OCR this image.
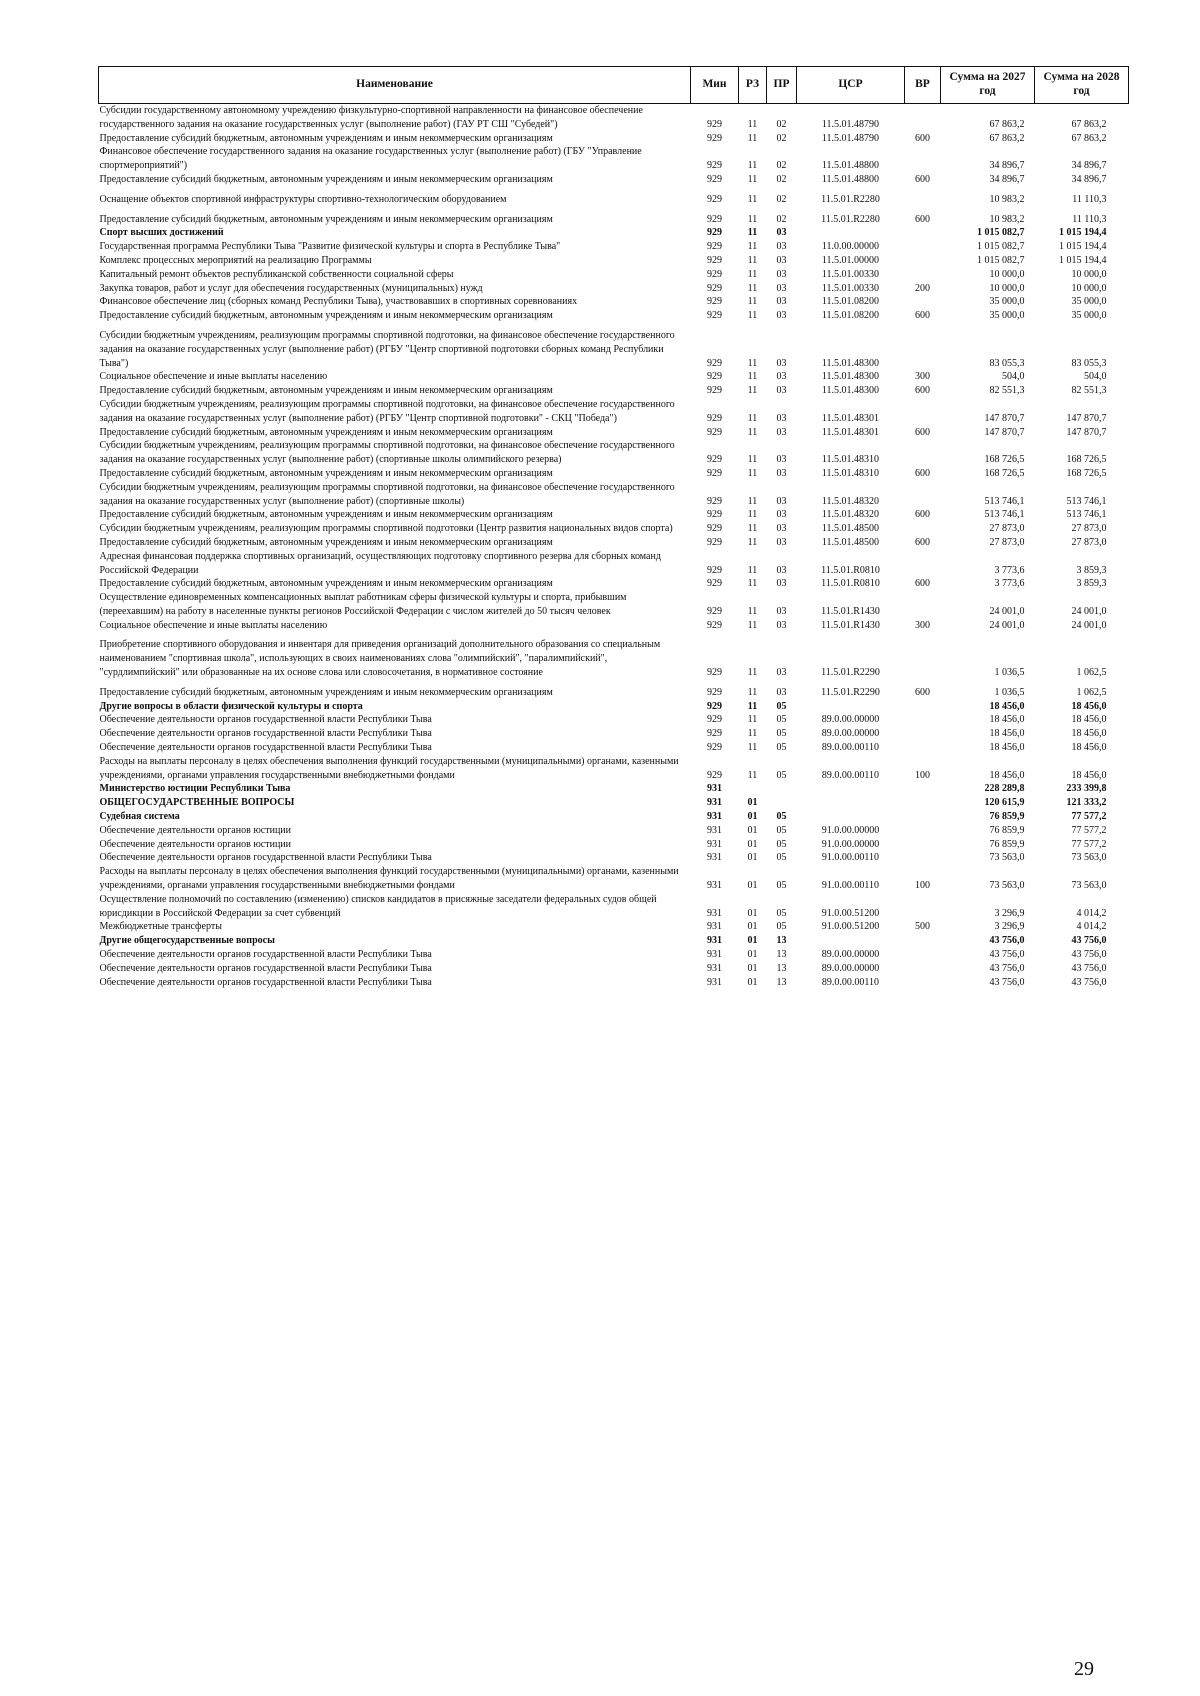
Наименование	Мин	РЗ	ПР	ЦСР	ВР	Сумма на 2027 год	Сумма на 2028 год
Субсидии государственному автономному учреждению физкультурно-спортивной направленности на финансовое обеспечение государственного задания на оказание государственных услуг (выполнение работ) (ГАУ РТ СШ "Субедей")	929	11	02	11.5.01.48790		67 863,2	67 863,2
Предоставление субсидий бюджетным, автономным учреждениям и иным некоммерческим организациям	929	11	02	11.5.01.48790	600	67 863,2	67 863,2
Финансовое обеспечение государственного задания на оказание государственных услуг (выполнение работ) (ГБУ "Управление спортмероприятий")	929	11	02	11.5.01.48800		34 896,7	34 896,7
Предоставление субсидий бюджетным, автономным учреждениям и иным некоммерческим организациям	929	11	02	11.5.01.48800	600	34 896,7	34 896,7
Оснащение объектов спортивной инфраструктуры спортивно-технологическим оборудованием	929	11	02	11.5.01.R2280		10 983,2	11 110,3
Предоставление субсидий бюджетным, автономным учреждениям и иным некоммерческим организациям	929	11	02	11.5.01.R2280	600	10 983,2	11 110,3
Спорт высших достижений	929	11	03			1 015 082,7	1 015 194,4
Государственная программа Республики Тыва "Развитие физической культуры и спорта в Республике Тыва"	929	11	03	11.0.00.00000		1 015 082,7	1 015 194,4
Комплекс процессных мероприятий на реализацию Программы	929	11	03	11.5.01.00000		1 015 082,7	1 015 194,4
Капитальный ремонт объектов республиканской собственности социальной сферы	929	11	03	11.5.01.00330		10 000,0	10 000,0
Закупка товаров, работ и услуг для обеспечения государственных (муниципальных) нужд	929	11	03	11.5.01.00330	200	10 000,0	10 000,0
Финансовое обеспечение лиц (сборных команд Республики Тыва), участвовавших в спортивных соревнованиях	929	11	03	11.5.01.08200		35 000,0	35 000,0
Предоставление субсидий бюджетным, автономным учреждениям и иным некоммерческим организациям	929	11	03	11.5.01.08200	600	35 000,0	35 000,0
Субсидии бюджетным учреждениям, реализующим программы спортивной подготовки, на финансовое обеспечение государственного задания на оказание государственных услуг (выполнение работ) (РГБУ "Центр спортивной подготовки сборных команд Республики Тыва")	929	11	03	11.5.01.48300		83 055,3	83 055,3
Социальное обеспечение и иные выплаты населению	929	11	03	11.5.01.48300	300	504,0	504,0
Предоставление субсидий бюджетным, автономным учреждениям и иным некоммерческим организациям	929	11	03	11.5.01.48300	600	82 551,3	82 551,3
Субсидии бюджетным учреждениям, реализующим программы спортивной подготовки, на финансовое обеспечение государственного задания на оказание государственных услуг (выполнение работ) (РГБУ "Центр спортивной подготовки" - СКЦ "Победа")	929	11	03	11.5.01.48301		147 870,7	147 870,7
Предоставление субсидий бюджетным, автономным учреждениям и иным некоммерческим организациям	929	11	03	11.5.01.48301	600	147 870,7	147 870,7
Субсидии бюджетным учреждениям, реализующим программы спортивной подготовки, на финансовое обеспечение государственного задания на оказание государственных услуг (выполнение работ) (спортивные школы олимпийского резерва)	929	11	03	11.5.01.48310		168 726,5	168 726,5
Предоставление субсидий бюджетным, автономным учреждениям и иным некоммерческим организациям	929	11	03	11.5.01.48310	600	168 726,5	168 726,5
Субсидии бюджетным учреждениям, реализующим программы спортивной подготовки, на финансовое обеспечение государственного задания на оказание государственных услуг (выполнение работ) (спортивные школы)	929	11	03	11.5.01.48320		513 746,1	513 746,1
Предоставление субсидий бюджетным, автономным учреждениям и иным некоммерческим организациям	929	11	03	11.5.01.48320	600	513 746,1	513 746,1
Субсидии бюджетным учреждениям, реализующим программы спортивной подготовки (Центр развития национальных видов спорта)	929	11	03	11.5.01.48500		27 873,0	27 873,0
Предоставление субсидий бюджетным, автономным учреждениям и иным некоммерческим организациям	929	11	03	11.5.01.48500	600	27 873,0	27 873,0
Адресная финансовая поддержка спортивных организаций, осуществляющих подготовку спортивного резерва для сборных команд Российской Федерации	929	11	03	11.5.01.R0810		3 773,6	3 859,3
Предоставление субсидий бюджетным, автономным учреждениям и иным некоммерческим организациям	929	11	03	11.5.01.R0810	600	3 773,6	3 859,3
Осуществление единовременных компенсационных выплат работникам сферы физической культуры и спорта, прибывшим (переехавшим) на работу в населенные пункты регионов Российской Федерации с числом жителей до 50 тысяч человек	929	11	03	11.5.01.R1430		24 001,0	24 001,0
Социальное обеспечение и иные выплаты населению	929	11	03	11.5.01.R1430	300	24 001,0	24 001,0
Приобретение спортивного оборудования и инвентаря для приведения организаций дополнительного образования со специальным наименованием "спортивная школа", использующих в своих наименованиях слова "олимпийский", "паралимпийский", "сурдлимпийский" или образованные на их основе слова или словосочетания, в нормативное состояние	929	11	03	11.5.01.R2290		1 036,5	1 062,5
Предоставление субсидий бюджетным, автономным учреждениям и иным некоммерческим организациям	929	11	03	11.5.01.R2290	600	1 036,5	1 062,5
Другие вопросы в области физической культуры и спорта	929	11	05			18 456,0	18 456,0
Обеспечение деятельности органов государственной власти Республики Тыва	929	11	05	89.0.00.00000		18 456,0	18 456,0
Обеспечение деятельности органов государственной власти Республики Тыва	929	11	05	89.0.00.00000		18 456,0	18 456,0
Обеспечение деятельности органов государственной власти Республики Тыва	929	11	05	89.0.00.00110		18 456,0	18 456,0
Расходы на выплаты персоналу в целях обеспечения выполнения функций государственными (муниципальными) органами, казенными учреждениями, органами управления государственными внебюджетными фондами	929	11	05	89.0.00.00110	100	18 456,0	18 456,0
Министерство юстиции Республики Тыва	931					228 289,8	233 399,8
ОБЩЕГОСУДАРСТВЕННЫЕ ВОПРОСЫ	931	01				120 615,9	121 333,2
Судебная система	931	01	05			76 859,9	77 577,2
Обеспечение деятельности органов юстиции	931	01	05	91.0.00.00000		76 859,9	77 577,2
Обеспечение деятельности органов юстиции	931	01	05	91.0.00.00000		76 859,9	77 577,2
Обеспечение деятельности органов государственной власти Республики Тыва	931	01	05	91.0.00.00110		73 563,0	73 563,0
Расходы на выплаты персоналу в целях обеспечения выполнения функций государственными (муниципальными) органами, казенными учреждениями, органами управления государственными внебюджетными фондами	931	01	05	91.0.00.00110	100	73 563,0	73 563,0
Осуществление полномочий по составлению (изменению) списков кандидатов в присяжные заседатели федеральных судов общей юрисдикции в Российской Федерации за счет субвенций	931	01	05	91.0.00.51200		3 296,9	4 014,2
Межбюджетные трансферты	931	01	05	91.0.00.51200	500	3 296,9	4 014,2
Другие общегосударственные вопросы	931	01	13			43 756,0	43 756,0
Обеспечение деятельности органов государственной власти Республики Тыва	931	01	13	89.0.00.00000		43 756,0	43 756,0
Обеспечение деятельности органов государственной власти Республики Тыва	931	01	13	89.0.00.00000		43 756,0	43 756,0
Обеспечение деятельности органов государственной власти Республики Тыва	931	01	13	89.0.00.00110		43 756,0	43 756,0
29
